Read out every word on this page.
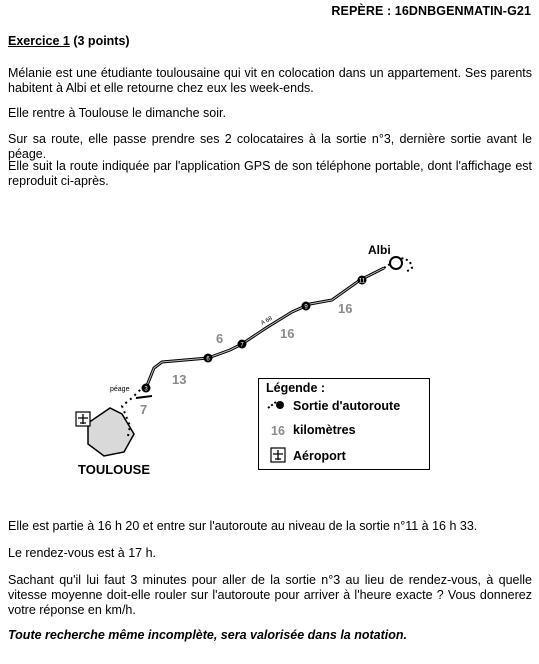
REPÈRE : 16DNBGENMATIN-G21
Exercice 1 (3 points)
Mélanie est une étudiante toulousaine qui vit en colocation dans un appartement. Ses parents habitent à Albi et elle retourne chez eux les week-ends.
Elle rentre à Toulouse le dimanche soir.
Sur sa route, elle passe prendre ses 2 colocataires à la sortie n°3, dernière sortie avant le péage.
Elle suit la route indiquée par l'application GPS de son téléphone portable, dont l'affichage est reproduit ci-après.
3
6
7
9
11
péage
A 68
16
16
6
13
7
Albi
TOULOUSE
Légende :
Sortie d'autoroute
16 kilomètres
Aéroport
Elle est partie à 16 h 20 et entre sur l'autoroute au niveau de la sortie n°11 à 16 h 33.
Le rendez-vous est à 17 h.
Sachant qu'il lui faut 3 minutes pour aller de la sortie n°3 au lieu de rendez-vous, à quelle vitesse moyenne doit-elle rouler sur l'autoroute pour arriver à l'heure exacte ? Vous donnerez votre réponse en km/h.
Toute recherche même incomplète, sera valorisée dans la notation.
